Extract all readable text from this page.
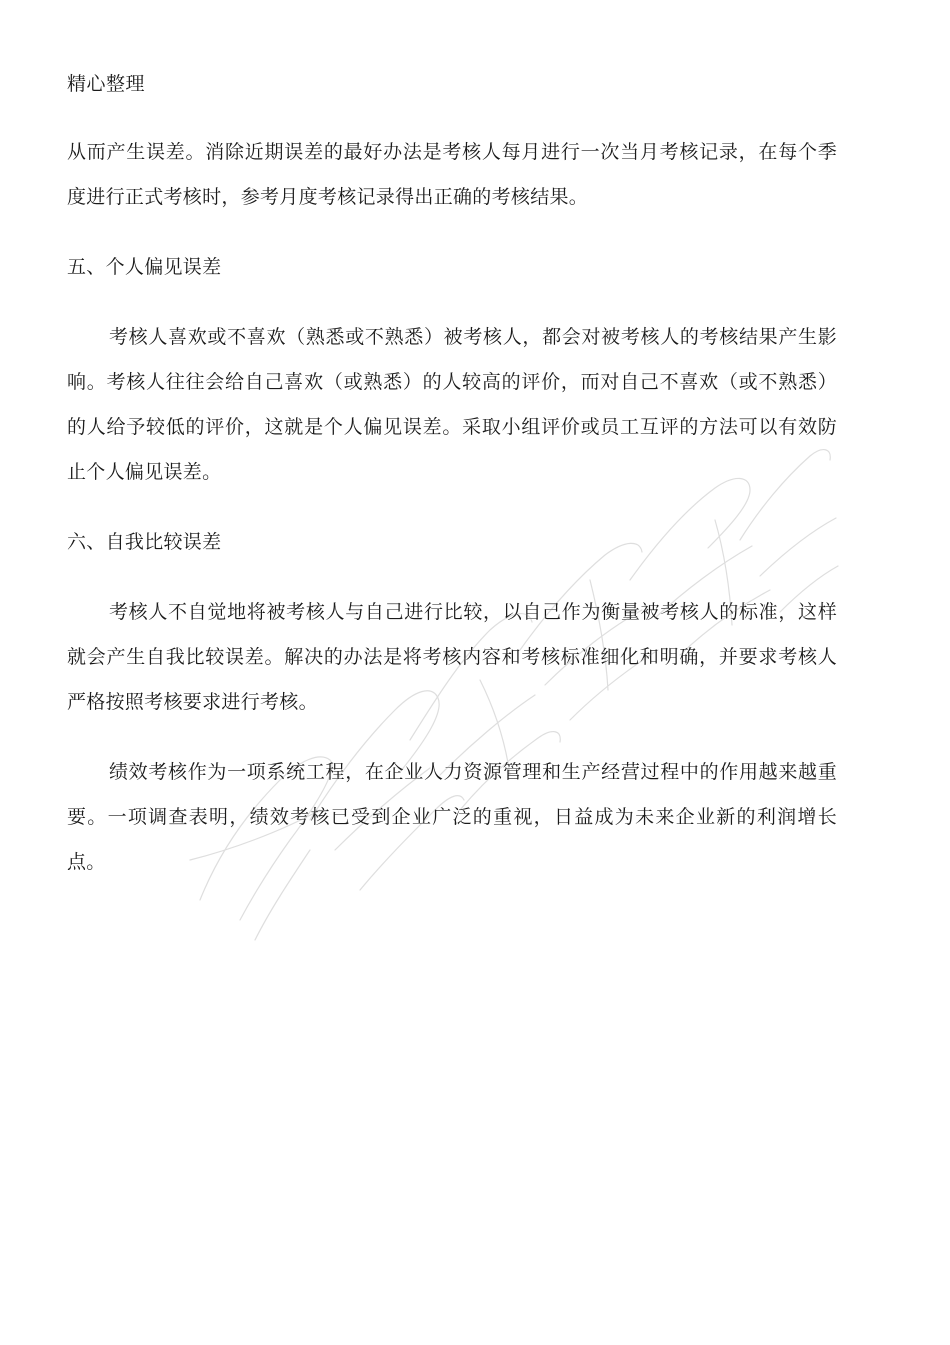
精心整理

从而产生误差。消除近期误差的最好办法是考核人每月进行一次当月考核记录，在每个季度进行正式考核时，参考月度考核记录得出正确的考核结果。

五、个人偏见误差

考核人喜欢或不喜欢（熟悉或不熟悉）被考核人，都会对被考核人的考核结果产生影响。考核人往往会给自己喜欢（或熟悉）的人较高的评价，而对自己不喜欢（或不熟悉）的人给予较低的评价，这就是个人偏见误差。采取小组评价或员工互评的方法可以有效防止个人偏见误差。

六、自我比较误差

考核人不自觉地将被考核人与自己进行比较，以自己作为衡量被考核人的标准，这样就会产生自我比较误差。解决的办法是将考核内容和考核标准细化和明确，并要求考核人严格按照考核要求进行考核。

绩效考核作为一项系统工程，在企业人力资源管理和生产经营过程中的作用越来越重要。一项调查表明，绩效考核已受到企业广泛的重视，日益成为未来企业新的利润增长点。
